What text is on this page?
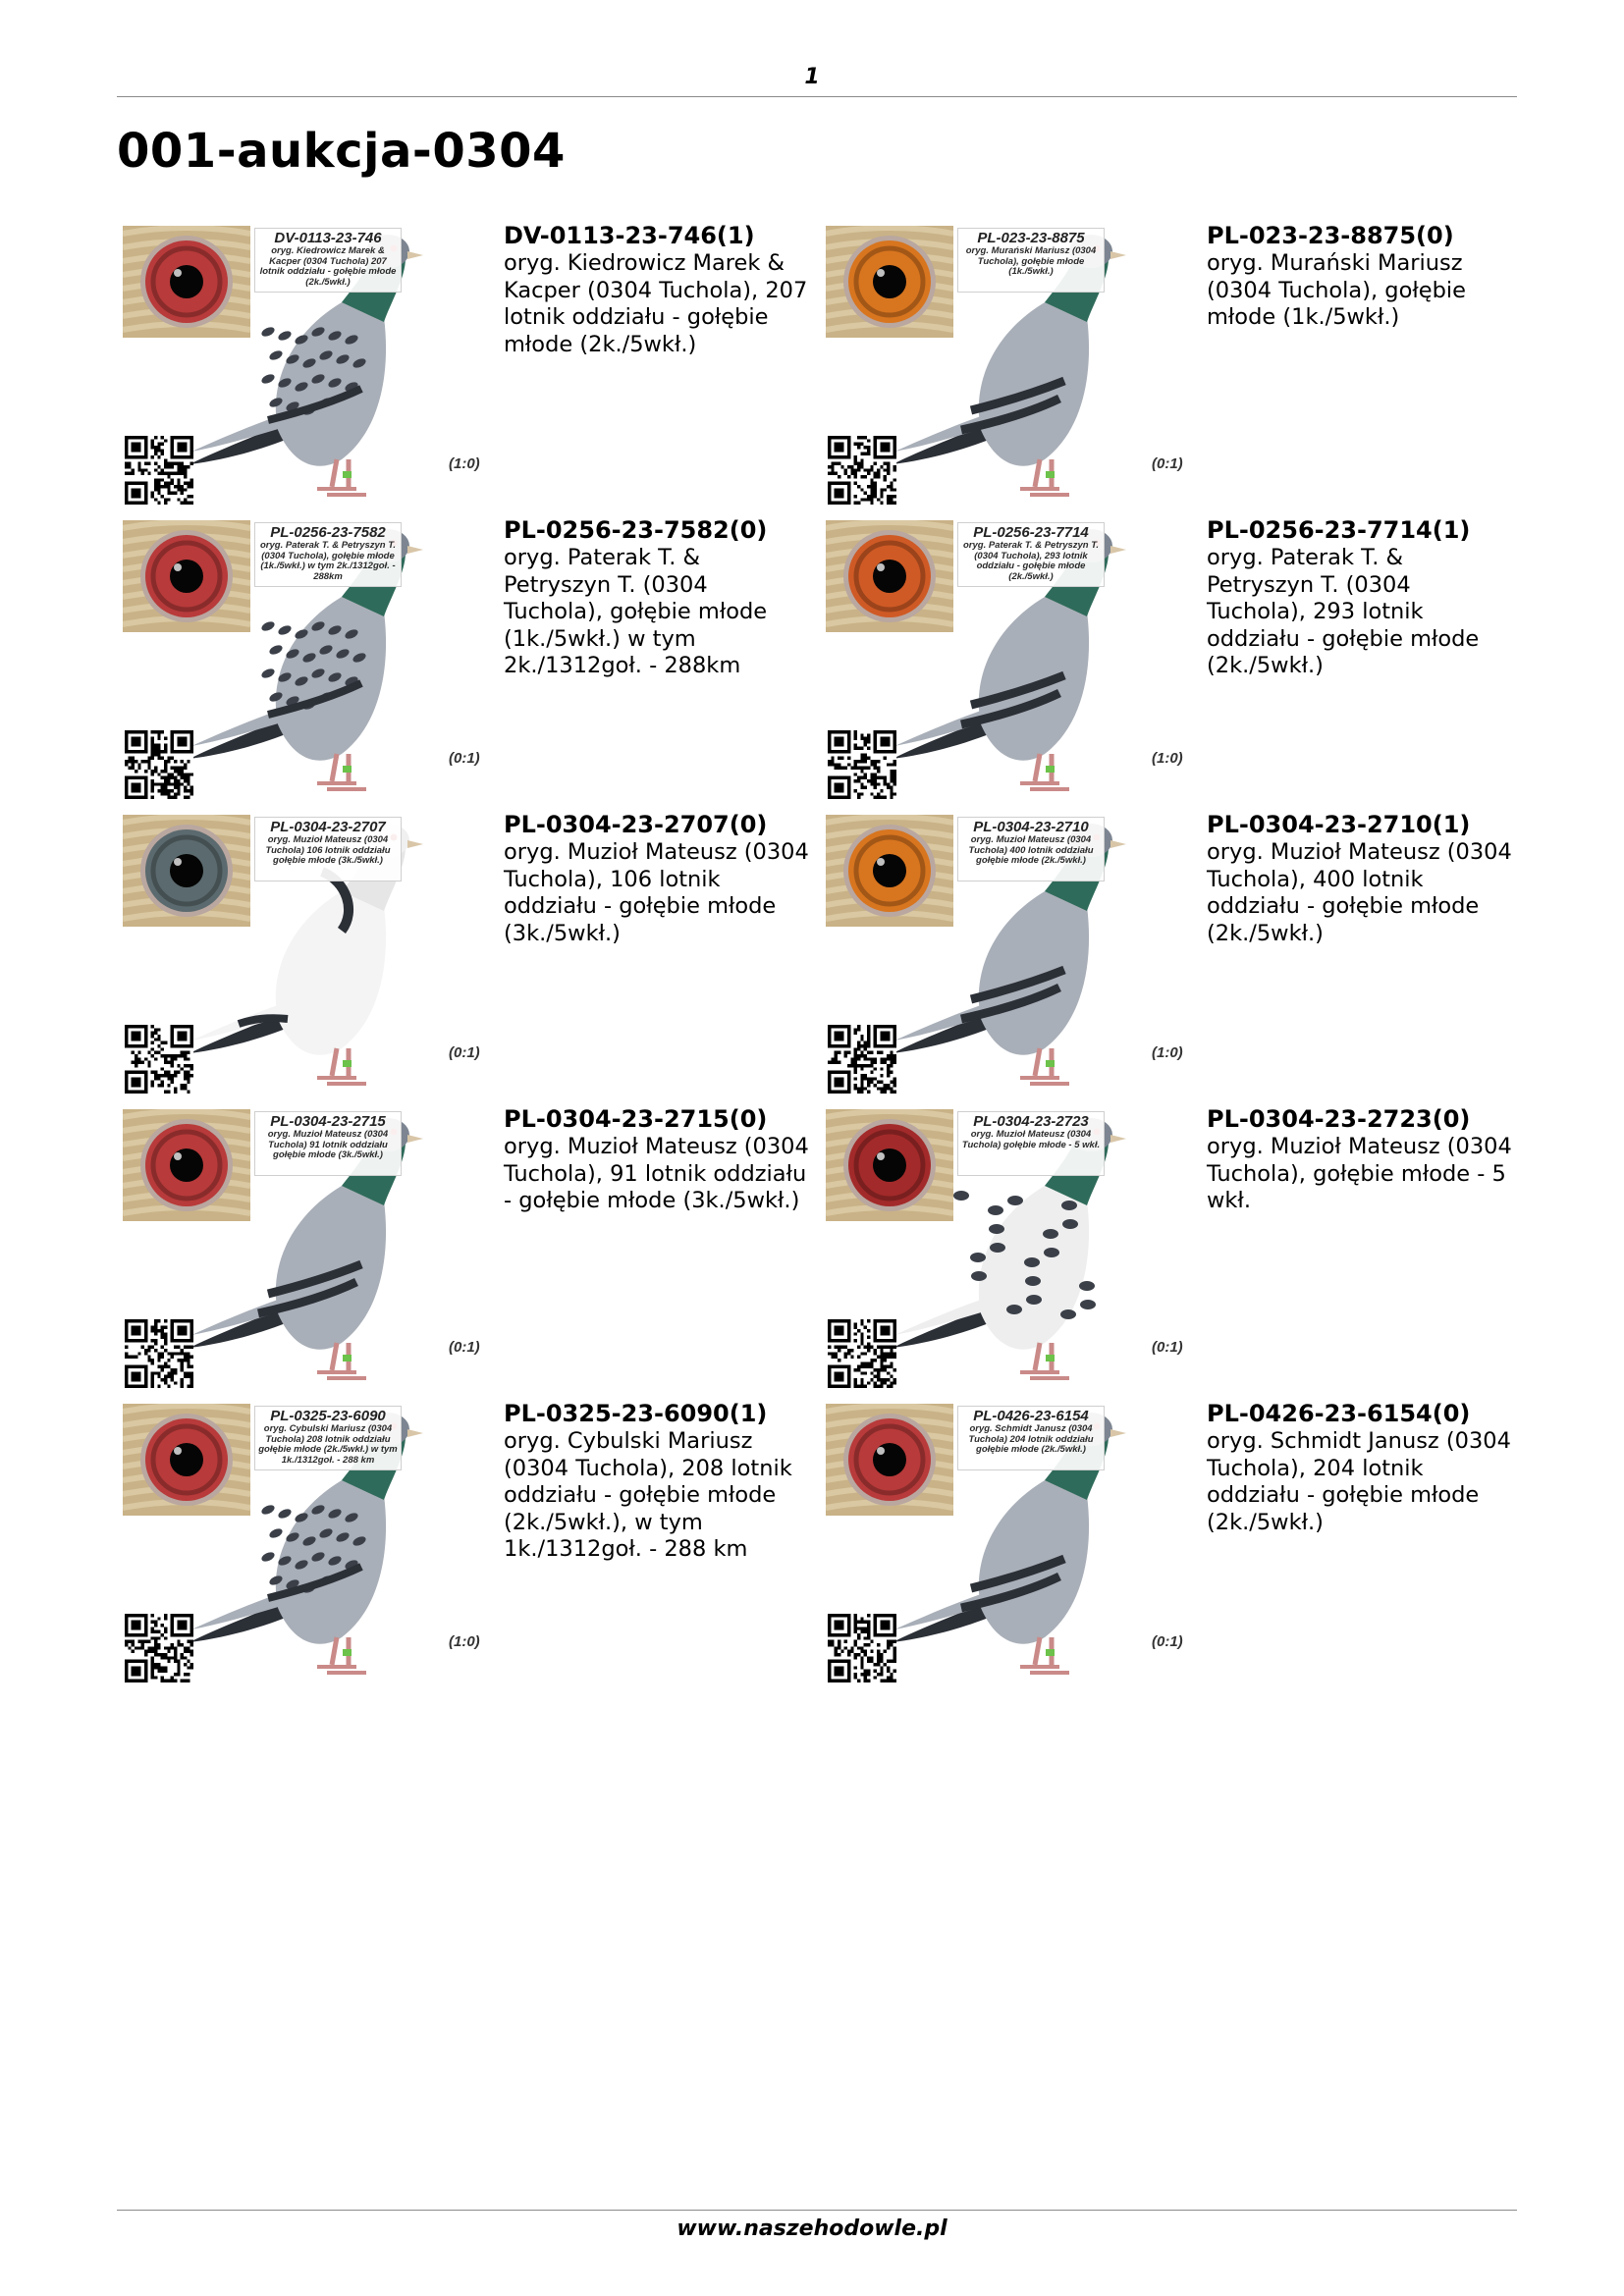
1
001-aukcja-0304
DV-0113-23-746
oryg. Kiedrowicz Marek & Kacper (0304 Tuchola) 207 lotnik oddziału - gołębie młode (2k./5wkł.)
(1:0)
DV-0113-23-746(1)
oryg. Kiedrowicz Marek & Kacper (0304 Tuchola), 207 lotnik oddziału - gołębie młode (2k./5wkł.)
PL-023-23-8875
oryg. Murański Mariusz (0304 Tuchola), gołębie młode (1k./5wkł.)
(0:1)
PL-023-23-8875(0)
oryg. Murański Mariusz (0304 Tuchola), gołębie młode (1k./5wkł.)
PL-0256-23-7582
oryg. Paterak T. & Petryszyn T. (0304 Tuchola), gołębie młode (1k./5wkł.) w tym 2k./1312goł. - 288km
(0:1)
PL-0256-23-7582(0)
oryg. Paterak T. & Petryszyn T. (0304 Tuchola), gołębie młode (1k./5wkł.) w tym 2k./1312goł. - 288km
PL-0256-23-7714
oryg. Paterak T. & Petryszyn T. (0304 Tuchola), 293 lotnik oddziału - gołębie młode (2k./5wkł.)
(1:0)
PL-0256-23-7714(1)
oryg. Paterak T. & Petryszyn T. (0304 Tuchola), 293 lotnik oddziału - gołębie młode (2k./5wkł.)
PL-0304-23-2707
oryg. Muzioł Mateusz (0304 Tuchola) 106 lotnik oddziału gołębie młode (3k./5wkł.)
(0:1)
PL-0304-23-2707(0)
oryg. Muzioł Mateusz (0304 Tuchola), 106 lotnik oddziału - gołębie młode (3k./5wkł.)
PL-0304-23-2710
oryg. Muzioł Mateusz (0304 Tuchola) 400 lotnik oddziału gołębie młode (2k./5wkł.)
(1:0)
PL-0304-23-2710(1)
oryg. Muzioł Mateusz (0304 Tuchola), 400 lotnik oddziału - gołębie młode (2k./5wkł.)
PL-0304-23-2715
oryg. Muzioł Mateusz (0304 Tuchola) 91 lotnik oddziału gołębie młode (3k./5wkł.)
(0:1)
PL-0304-23-2715(0)
oryg. Muzioł Mateusz (0304 Tuchola), 91 lotnik oddziału - gołębie młode (3k./5wkł.)
PL-0304-23-2723
oryg. Muzioł Mateusz (0304 Tuchola) gołębie młode - 5 wkł.
(0:1)
PL-0304-23-2723(0)
oryg. Muzioł Mateusz (0304 Tuchola), gołębie młode - 5 wkł.
PL-0325-23-6090
oryg. Cybulski Mariusz (0304 Tuchola) 208 lotnik oddziału gołębie młode (2k./5wkł.) w tym 1k./1312goł. - 288 km
(1:0)
PL-0325-23-6090(1)
oryg. Cybulski Mariusz (0304 Tuchola), 208 lotnik oddziału - gołębie młode (2k./5wkł.), w tym 1k./1312goł. - 288 km
PL-0426-23-6154
oryg. Schmidt Janusz (0304 Tuchola) 204 lotnik oddziału gołębie młode (2k./5wkł.)
(0:1)
PL-0426-23-6154(0)
oryg. Schmidt Janusz (0304 Tuchola), 204 lotnik oddziału - gołębie młode (2k./5wkł.)
www.naszehodowle.pl
